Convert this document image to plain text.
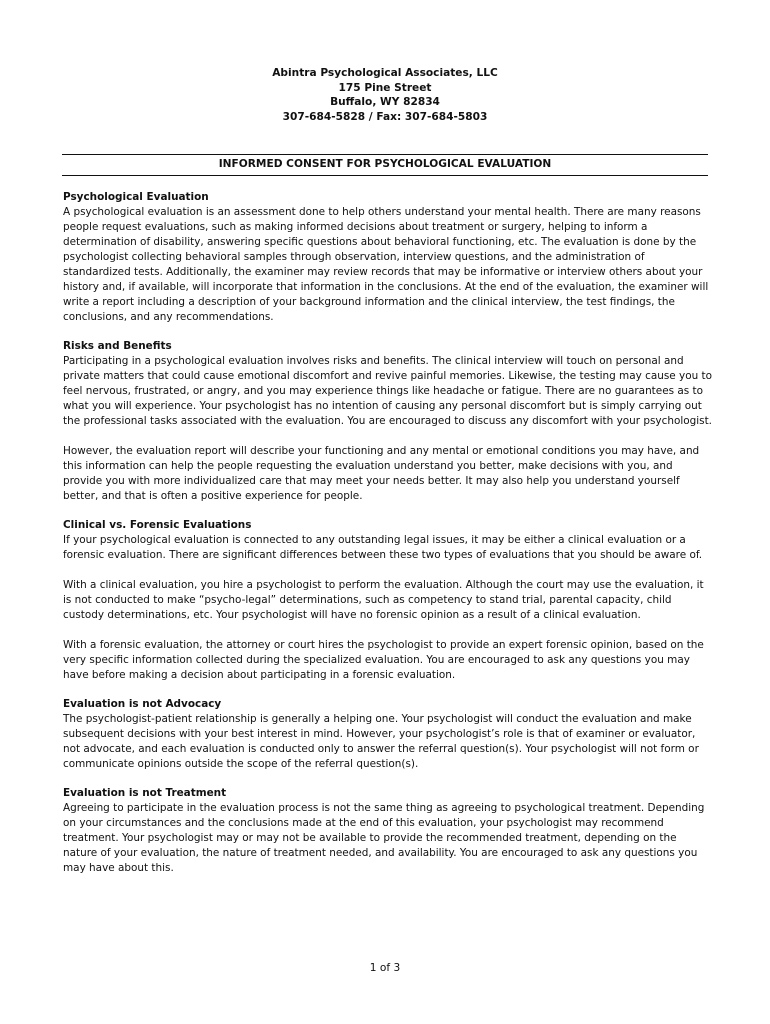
Abintra Psychological Associates, LLC
175 Pine Street
Buffalo, WY 82834
307-684-5828 / Fax: 307-684-5803
INFORMED CONSENT FOR PSYCHOLOGICAL EVALUATION

Psychological Evaluation

A psychological evaluation is an assessment done to help others understand your mental health. There are many reasons people request evaluations, such as making informed decisions about treatment or surgery, helping to inform a determination of disability, answering specific questions about behavioral functioning, etc. The evaluation is done by the psychologist collecting behavioral samples through observation, interview questions, and the administration of standardized tests. Additionally, the examiner may review records that may be informative or interview others about your history and, if available, will incorporate that information in the conclusions. At the end of the evaluation, the examiner will write a report including a description of your background information and the clinical interview, the test findings, the conclusions, and any recommendations.

Risks and Benefits

Participating in a psychological evaluation involves risks and benefits. The clinical interview will touch on personal and private matters that could cause emotional discomfort and revive painful memories. Likewise, the testing may cause you to feel nervous, frustrated, or angry, and you may experience things like headache or fatigue. There are no guarantees as to what you will experience. Your psychologist has no intention of causing any personal discomfort but is simply carrying out the professional tasks associated with the evaluation. You are encouraged to discuss any discomfort with your psychologist.

However, the evaluation report will describe your functioning and any mental or emotional conditions you may have, and this information can help the people requesting the evaluation understand you better, make decisions with you, and provide you with more individualized care that may meet your needs better. It may also help you understand yourself better, and that is often a positive experience for people.

Clinical vs. Forensic Evaluations

If your psychological evaluation is connected to any outstanding legal issues, it may be either a clinical evaluation or a forensic evaluation. There are significant differences between these two types of evaluations that you should be aware of.

With a clinical evaluation, you hire a psychologist to perform the evaluation. Although the court may use the evaluation, it is not conducted to make “psycho-legal” determinations, such as competency to stand trial, parental capacity, child custody determinations, etc. Your psychologist will have no forensic opinion as a result of a clinical evaluation.

With a forensic evaluation, the attorney or court hires the psychologist to provide an expert forensic opinion, based on the very specific information collected during the specialized evaluation. You are encouraged to ask any questions you may have before making a decision about participating in a forensic evaluation.

Evaluation is not Advocacy

The psychologist-patient relationship is generally a helping one. Your psychologist will conduct the evaluation and make subsequent decisions with your best interest in mind. However, your psychologist’s role is that of examiner or evaluator, not advocate, and each evaluation is conducted only to answer the referral question(s). Your psychologist will not form or communicate opinions outside the scope of the referral question(s).

Evaluation is not Treatment

Agreeing to participate in the evaluation process is not the same thing as agreeing to psychological treatment. Depending on your circumstances and the conclusions made at the end of this evaluation, your psychologist may recommend treatment. Your psychologist may or may not be available to provide the recommended treatment, depending on the nature of your evaluation, the nature of treatment needed, and availability. You are encouraged to ask any questions you may have about this.

1 of 3
